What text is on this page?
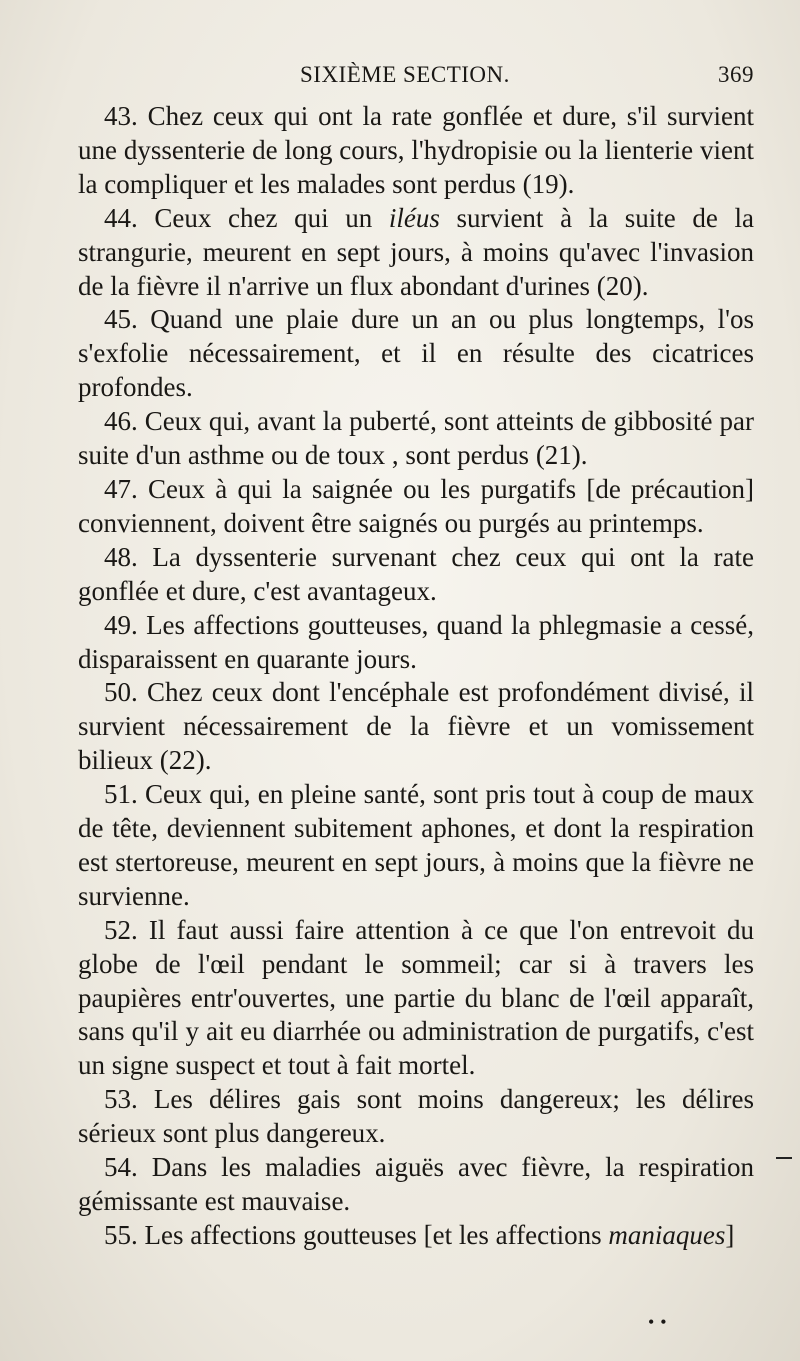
SIXIÈME SECTION.	369

43. Chez ceux qui ont la rate gonflée et dure, s'il survient une dyssenterie de long cours, l'hydropisie ou la lienterie vient la compliquer et les malades sont perdus (19).

44. Ceux chez qui un iléus survient à la suite de la strangurie, meurent en sept jours, à moins qu'avec l'invasion de la fièvre il n'arrive un flux abondant d'urines (20).

45. Quand une plaie dure un an ou plus longtemps, l'os s'exfolie nécessairement, et il en résulte des cicatrices profondes.

46. Ceux qui, avant la puberté, sont atteints de gibbosité par suite d'un asthme ou de toux , sont perdus (21).

47. Ceux à qui la saignée ou les purgatifs [de précaution] conviennent, doivent être saignés ou purgés au printemps.

48. La dyssenterie survenant chez ceux qui ont la rate gonflée et dure, c'est avantageux.

49. Les affections goutteuses, quand la phlegmasie a cessé, disparaissent en quarante jours.

50. Chez ceux dont l'encéphale est profondément divisé, il survient nécessairement de la fièvre et un vomissement bilieux (22).

51. Ceux qui, en pleine santé, sont pris tout à coup de maux de tête, deviennent subitement aphones, et dont la respiration est stertoreuse, meurent en sept jours, à moins que la fièvre ne survienne.

52. Il faut aussi faire attention à ce que l'on entrevoit du globe de l'œil pendant le sommeil; car si à travers les paupières entr'ouvertes, une partie du blanc de l'œil apparaît, sans qu'il y ait eu diarrhée ou administration de purgatifs, c'est un signe suspect et tout à fait mortel.

53. Les délires gais sont moins dangereux; les délires sérieux sont plus dangereux.

54. Dans les maladies aiguës avec fièvre, la respiration gémissante est mauvaise.

55. Les affections goutteuses [et les affections maniaques]

••
